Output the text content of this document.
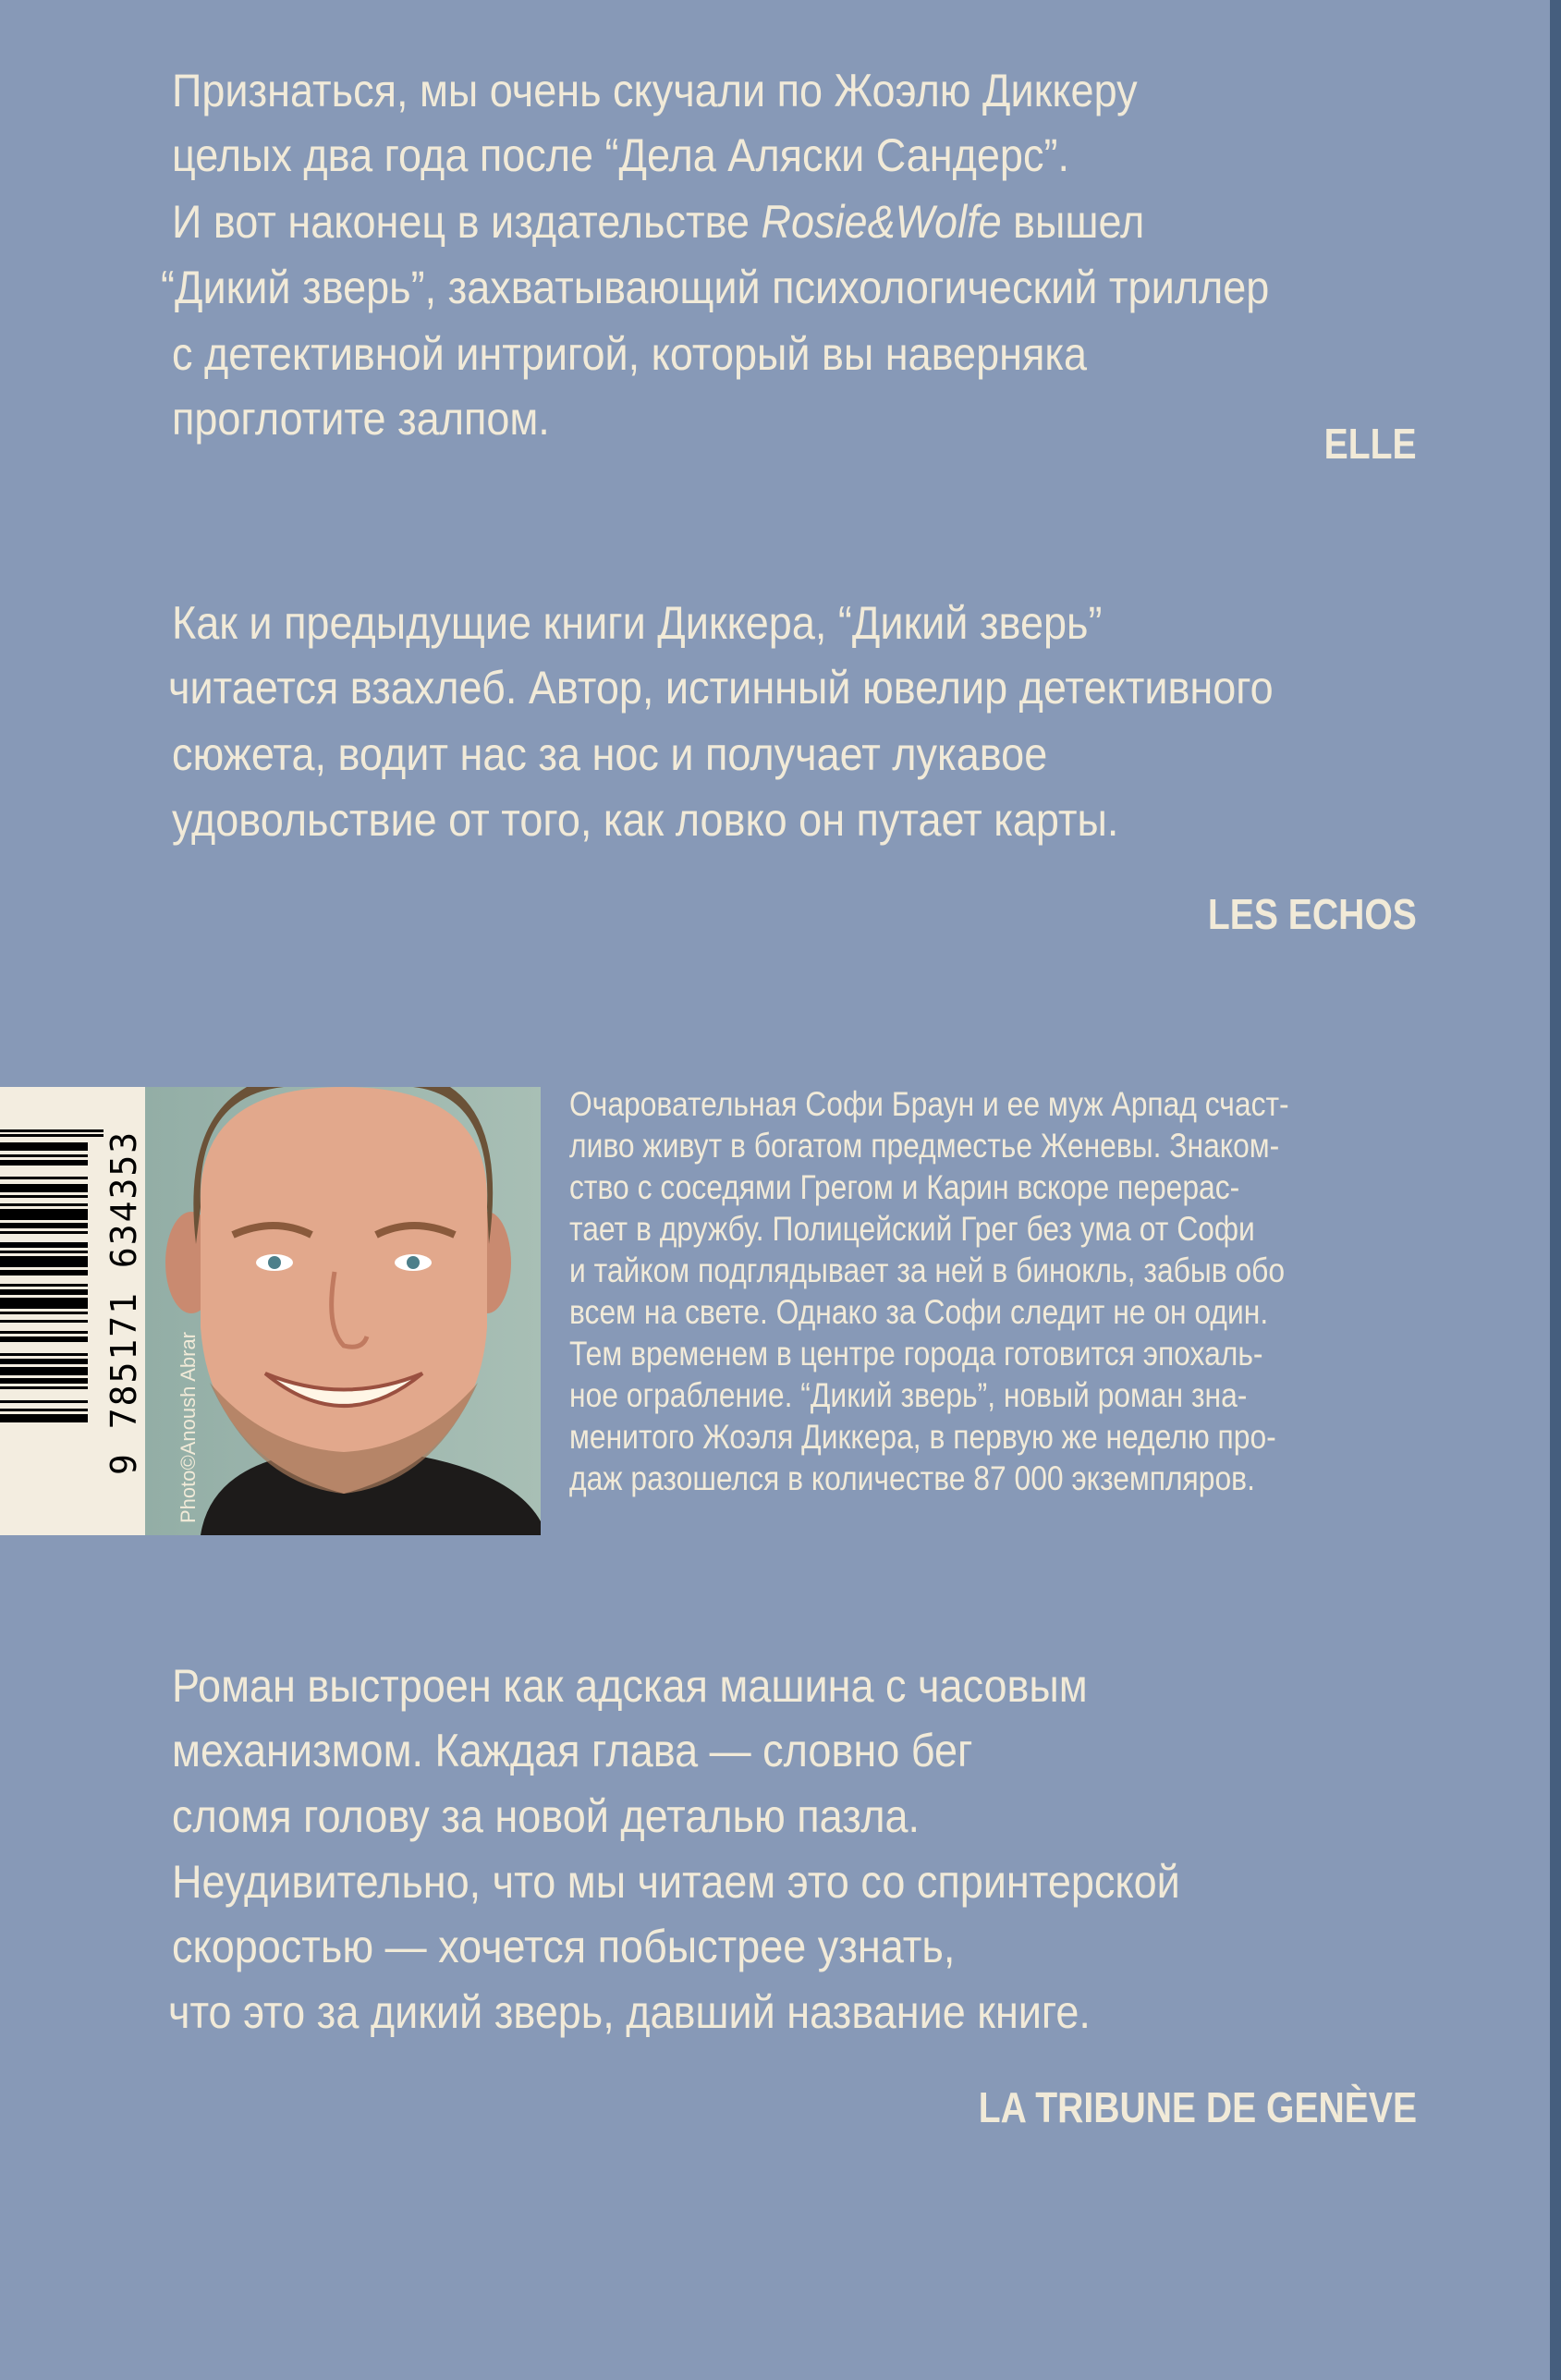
Признаться, мы очень скучали по Жоэлю Диккеру
целых два года после “Дела Аляски Сандерс”.
И вот наконец в издательстве Rosie&Wolfe вышел
“Дикий зверь”, захватывающий психологический триллер
с детективной интригой, который вы наверняка
проглотите залпом.	ELLE
Как и предыдущие книги Диккера, “Дикий зверь”
читается взахлеб. Автор, истинный ювелир детективного
сюжета, водит нас за нос и получает лукавое
удовольствие от того, как ловко он путает карты.
LES ECHOS
9 785171 634353 Photo©Anoush Abrar
Очаровательная Софи Браун и ее муж Арпад счаст-
ливо живут в богатом предместье Женевы. Знаком-
ство с соседями Грегом и Карин вскоре перерас-
тает в дружбу. Полицейский Грег без ума от Софи
и тайком подглядывает за ней в бинокль, забыв обо
всем на свете. Однако за Софи следит не он один.
Тем временем в центре города готовится эпохаль-
ное ограбление. “Дикий зверь”, новый роман зна-
менитого Жоэля Диккера, в первую же неделю про-
даж разошелся в количестве 87 000 экземпляров.
Роман выстроен как адская машина с часовым
механизмом. Каждая глава — словно бег
сломя голову за новой деталью пазла.
Неудивительно, что мы читаем это со спринтерской
скоростью — хочется побыстрее узнать,
что это за дикий зверь, давший название книге.
LA TRIBUNE DE GENÈVE
